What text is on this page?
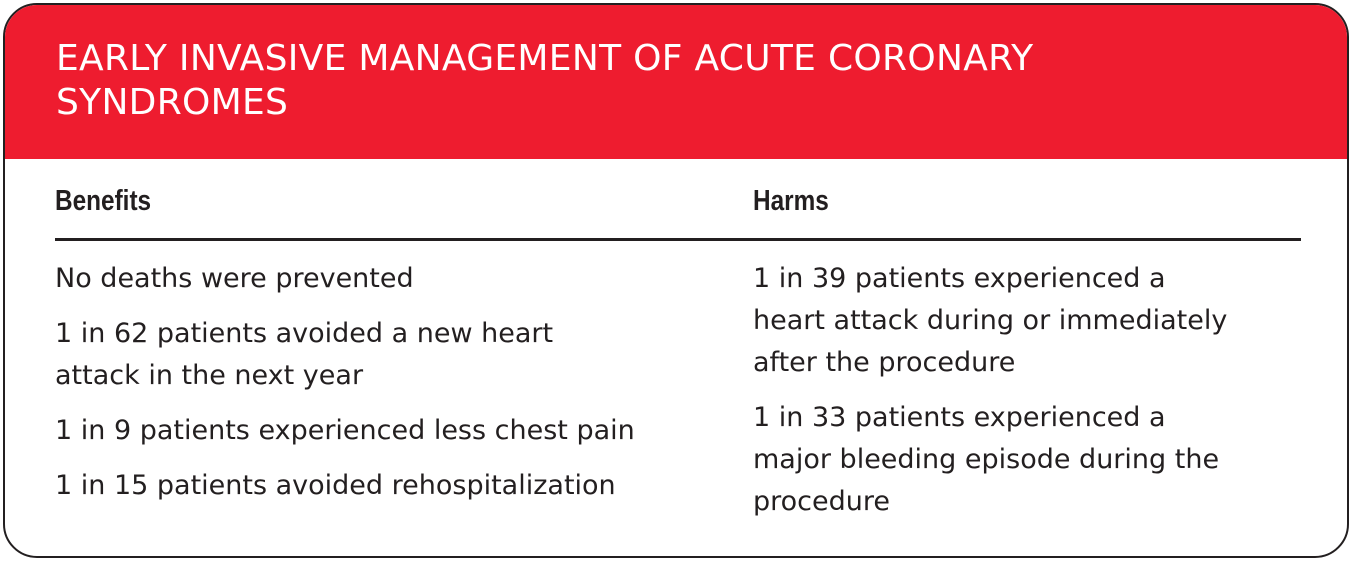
EARLY INVASIVE MANAGEMENT OF ACUTE CORONARY
SYNDROMES
Benefits
No deaths were prevented
1 in 62 patients avoided a new heart
attack in the next year
1 in 9 patients experienced less chest pain
1 in 15 patients avoided rehospitalization
Harms
1 in 39 patients experienced a
heart attack during or immediately
after the procedure
1 in 33 patients experienced a
major bleeding episode during the
procedure
